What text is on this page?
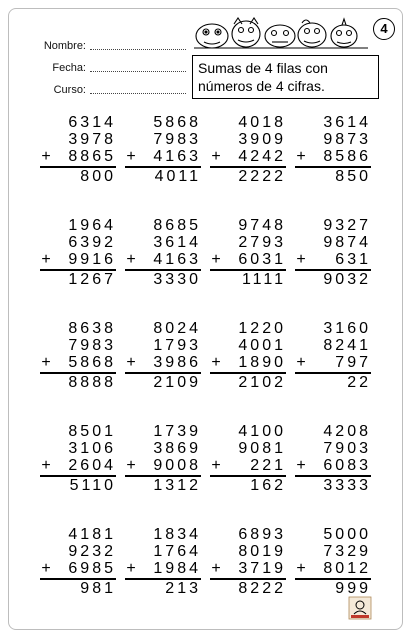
Nombre:
Fecha:
Curso:
4
Sumas de 4 filas con
números de 4 cifras.
6314
3978
+	8865
800
5868
7983
+	4163
4011
4018
3909
+	4242
2222
3614
9873
+	8586
850
1964
6392
+	9916
1267
8685
3614
+	4163
3330
9748
2793
+	6031
1111
9327
9874
+	631
9032
8638
7983
+	5868
8888
8024
1793
+	3986
2109
1220
4001
+	1890
2102
3160
8241
+	797
22
8501
3106
+	2604
5110
1739
3869
+	9008
1312
4100
9081
+	221
162
4208
7903
+	6083
3333
4181
9232
+	6985
981
1834
1764
+	1984
213
6893
8019
+	3719
8222
5000
7329
+	8012
999
